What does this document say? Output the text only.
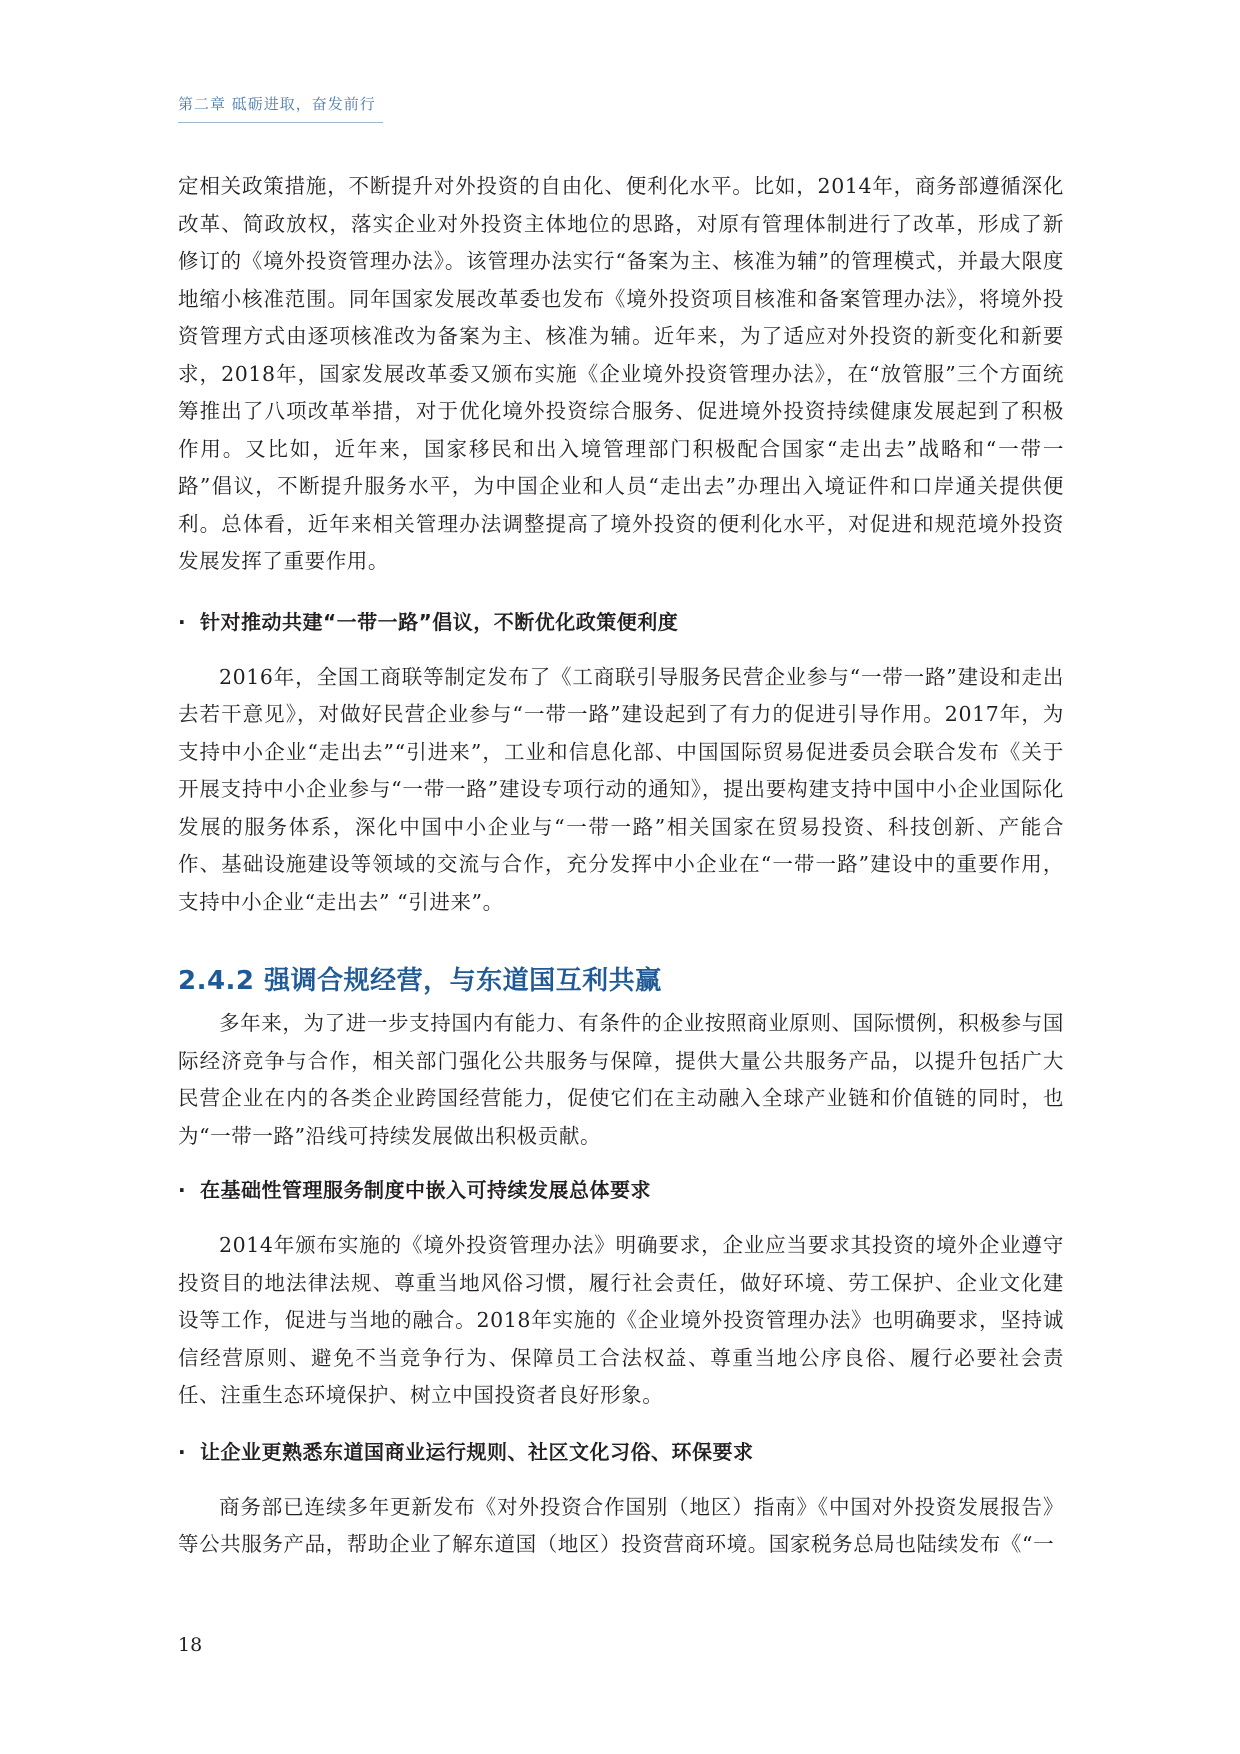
第二章 砥砺进取，奋发前行

定相关政策措施，不断提升对外投资的自由化、便利化水平。比如，2014年，商务部遵循深化改革、简政放权，落实企业对外投资主体地位的思路，对原有管理体制进行了改革，形成了新修订的《境外投资管理办法》。该管理办法实行“备案为主、核准为辅”的管理模式，并最大限度地缩小核准范围。同年国家发展改革委也发布《境外投资项目核准和备案管理办法》，将境外投资管理方式由逐项核准改为备案为主、核准为辅。近年来，为了适应对外投资的新变化和新要求，2018年，国家发展改革委又颁布实施《企业境外投资管理办法》，在“放管服”三个方面统筹推出了八项改革举措，对于优化境外投资综合服务、促进境外投资持续健康发展起到了积极作用。又比如，近年来，国家移民和出入境管理部门积极配合国家“走出去”战略和“一带一路”倡议，不断提升服务水平，为中国企业和人员“走出去”办理出入境证件和口岸通关提供便利。总体看，近年来相关管理办法调整提高了境外投资的便利化水平，对促进和规范境外投资发展发挥了重要作用。

· 针对推动共建“一带一路”倡议，不断优化政策便利度

2016年，全国工商联等制定发布了《工商联引导服务民营企业参与“一带一路”建设和走出去若干意见》，对做好民营企业参与“一带一路”建设起到了有力的促进引导作用。2017年，为支持中小企业“走出去”“引进来”，工业和信息化部、中国国际贸易促进委员会联合发布《关于开展支持中小企业参与“一带一路”建设专项行动的通知》，提出要构建支持中国中小企业国际化发展的服务体系，深化中国中小企业与“一带一路”相关国家在贸易投资、科技创新、产能合作、基础设施建设等领域的交流与合作，充分发挥中小企业在“一带一路”建设中的重要作用，支持中小企业“走出去” “引进来”。

2.4.2 强调合规经营，与东道国互利共赢

多年来，为了进一步支持国内有能力、有条件的企业按照商业原则、国际惯例，积极参与国际经济竞争与合作，相关部门强化公共服务与保障，提供大量公共服务产品，以提升包括广大民营企业在内的各类企业跨国经营能力，促使它们在主动融入全球产业链和价值链的同时，也为“一带一路”沿线可持续发展做出积极贡献。

· 在基础性管理服务制度中嵌入可持续发展总体要求

2014年颁布实施的《境外投资管理办法》明确要求，企业应当要求其投资的境外企业遵守投资目的地法律法规、尊重当地风俗习惯，履行社会责任，做好环境、劳工保护、企业文化建设等工作，促进与当地的融合。2018年实施的《企业境外投资管理办法》也明确要求，坚持诚信经营原则、避免不当竞争行为、保障员工合法权益、尊重当地公序良俗、履行必要社会责任、注重生态环境保护、树立中国投资者良好形象。

· 让企业更熟悉东道国商业运行规则、社区文化习俗、环保要求

商务部已连续多年更新发布《对外投资合作国别（地区）指南》《中国对外投资发展报告》等公共服务产品，帮助企业了解东道国（地区）投资营商环境。国家税务总局也陆续发布《“一

18
